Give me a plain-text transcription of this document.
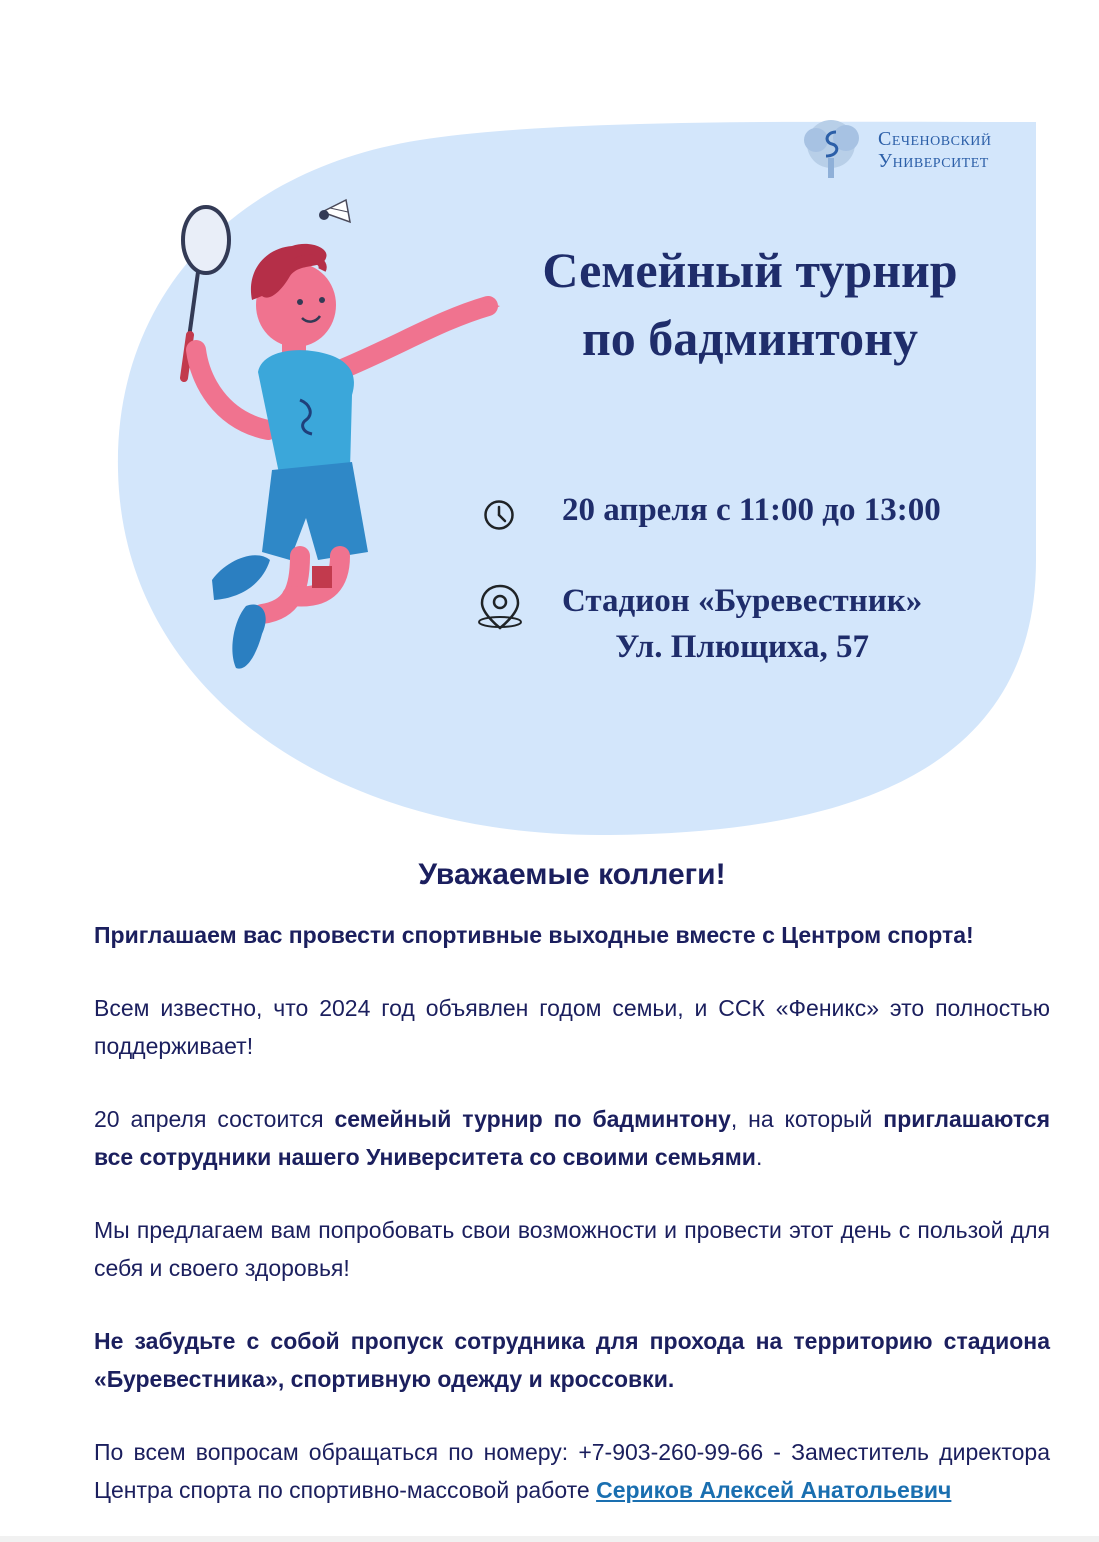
Сеченовский
Университет
Семейный турнир
по бадминтону
20 апреля с 11:00 до 13:00
Стадион «Буревестник»
Ул. Плющиха, 57
Уважаемые коллеги!

Приглашаем вас провести спортивные выходные вместе с Центром спорта!

Всем известно, что 2024 год объявлен годом семьи, и ССК «Феникс» это полностью поддерживает!

20 апреля состоится семейный турнир по бадминтону, на который приглашаются все сотрудники нашего Университета со своими семьями.

Мы предлагаем вам попробовать свои возможности и провести этот день с пользой для себя и своего здоровья!

Не забудьте с собой пропуск сотрудника для прохода на территорию стадиона «Буревестника», спортивную одежду и кроссовки.

По всем вопросам обращаться по номеру: +7-903-260-99-66 - Заместитель директора Центра спорта по спортивно-массовой работе Сериков Алексей Анатольевич
